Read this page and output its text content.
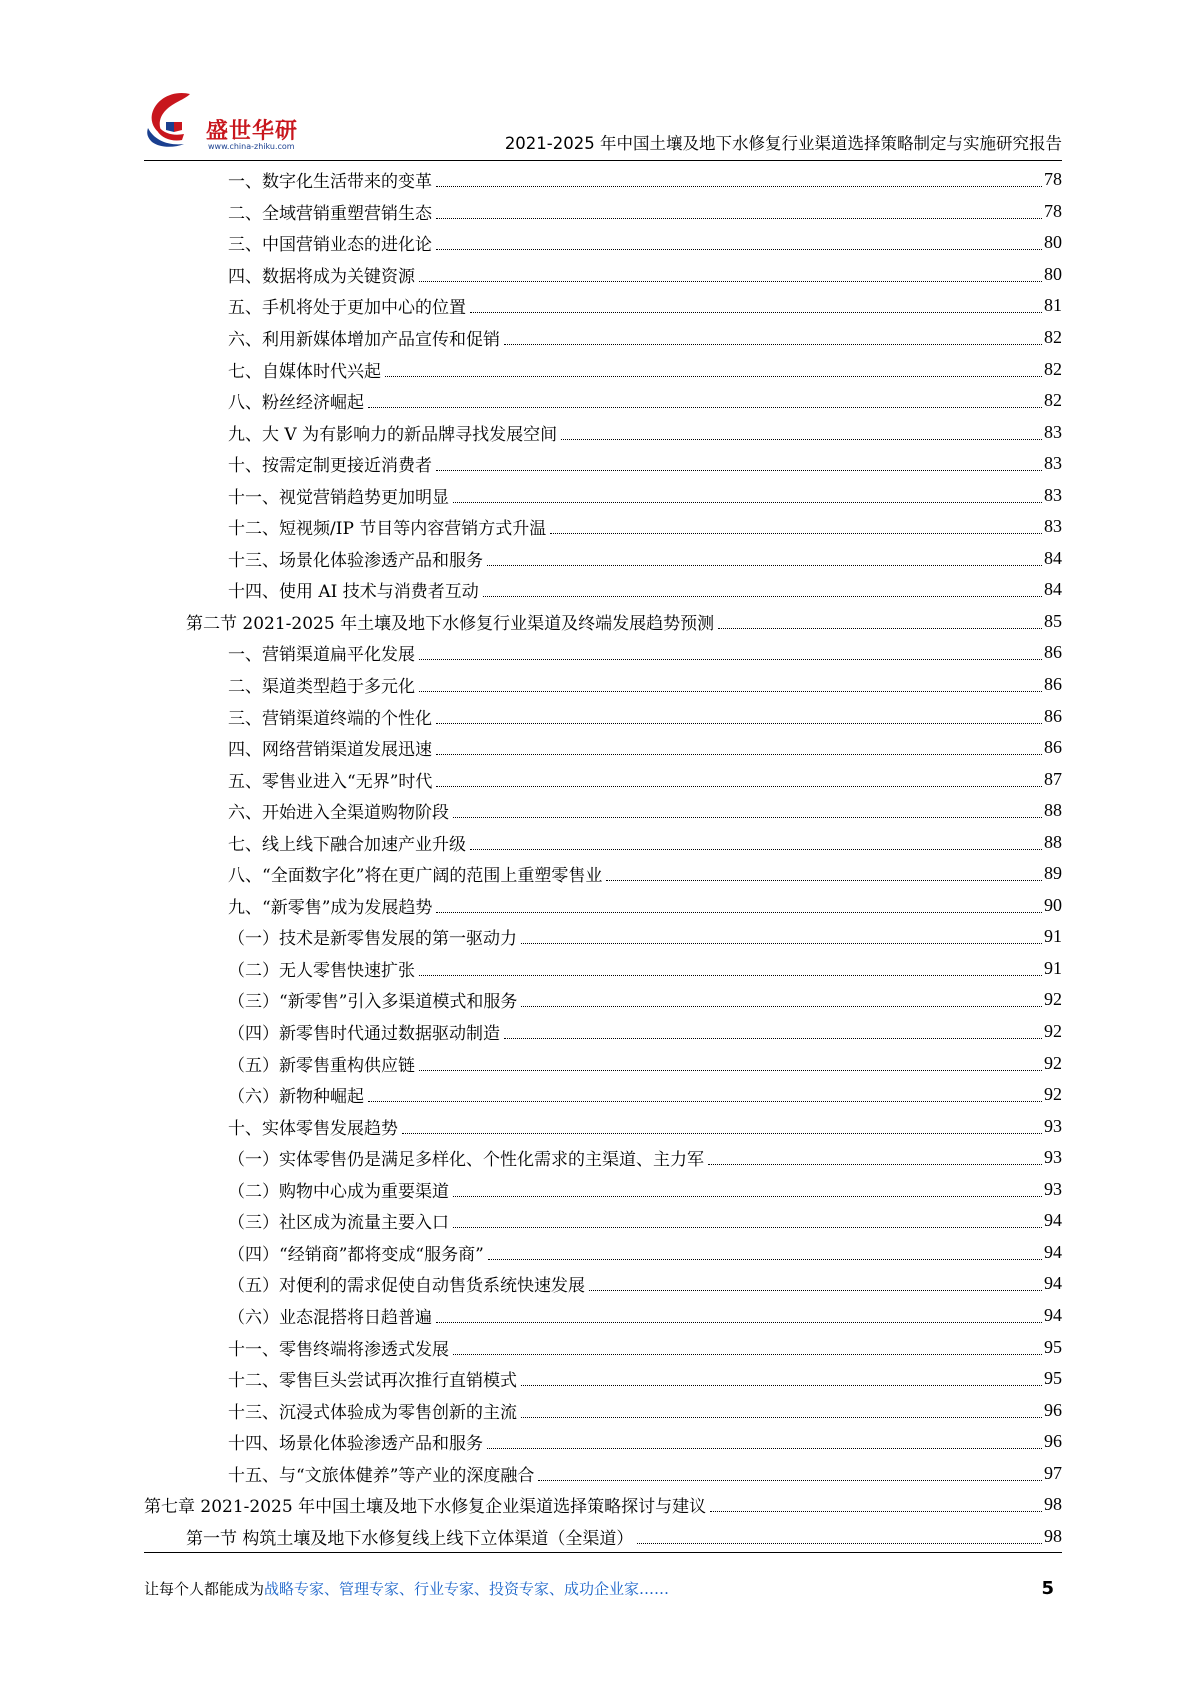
盛世华研
www.china-zhiku.com	2021-2025 年中国土壤及地下水修复行业渠道选择策略制定与实施研究报告
一、数字化生活带来的变革	78
二、全域营销重塑营销生态	78
三、中国营销业态的进化论	80
四、数据将成为关键资源	80
五、手机将处于更加中心的位置	81
六、利用新媒体增加产品宣传和促销	82
七、自媒体时代兴起	82
八、粉丝经济崛起	82
九、大 V 为有影响力的新品牌寻找发展空间	83
十、按需定制更接近消费者	83
十一、视觉营销趋势更加明显	83
十二、短视频/IP 节目等内容营销方式升温	83
十三、场景化体验渗透产品和服务	84
十四、使用 AI 技术与消费者互动	84
第二节 2021-2025 年土壤及地下水修复行业渠道及终端发展趋势预测	85
一、营销渠道扁平化发展	86
二、渠道类型趋于多元化	86
三、营销渠道终端的个性化	86
四、网络营销渠道发展迅速	86
五、零售业进入“无界”时代	87
六、开始进入全渠道购物阶段	88
七、线上线下融合加速产业升级	88
八、“全面数字化”将在更广阔的范围上重塑零售业	89
九、“新零售”成为发展趋势	90
（一）技术是新零售发展的第一驱动力	91
（二）无人零售快速扩张	91
（三）“新零售”引入多渠道模式和服务	92
（四）新零售时代通过数据驱动制造	92
（五）新零售重构供应链	92
（六）新物种崛起	92
十、实体零售发展趋势	93
（一）实体零售仍是满足多样化、个性化需求的主渠道、主力军	93
（二）购物中心成为重要渠道	93
（三）社区成为流量主要入口	94
（四）“经销商”都将变成“服务商”	94
（五）对便利的需求促使自动售货系统快速发展	94
（六）业态混搭将日趋普遍	94
十一、零售终端将渗透式发展	95
十二、零售巨头尝试再次推行直销模式	95
十三、沉浸式体验成为零售创新的主流	96
十四、场景化体验渗透产品和服务	96
十五、与“文旅体健养”等产业的深度融合	97
第七章 2021-2025 年中国土壤及地下水修复企业渠道选择策略探讨与建议	98
第一节 构筑土壤及地下水修复线上线下立体渠道（全渠道）	98
让每个人都能成为战略专家、管理专家、行业专家、投资专家、成功企业家……	5
